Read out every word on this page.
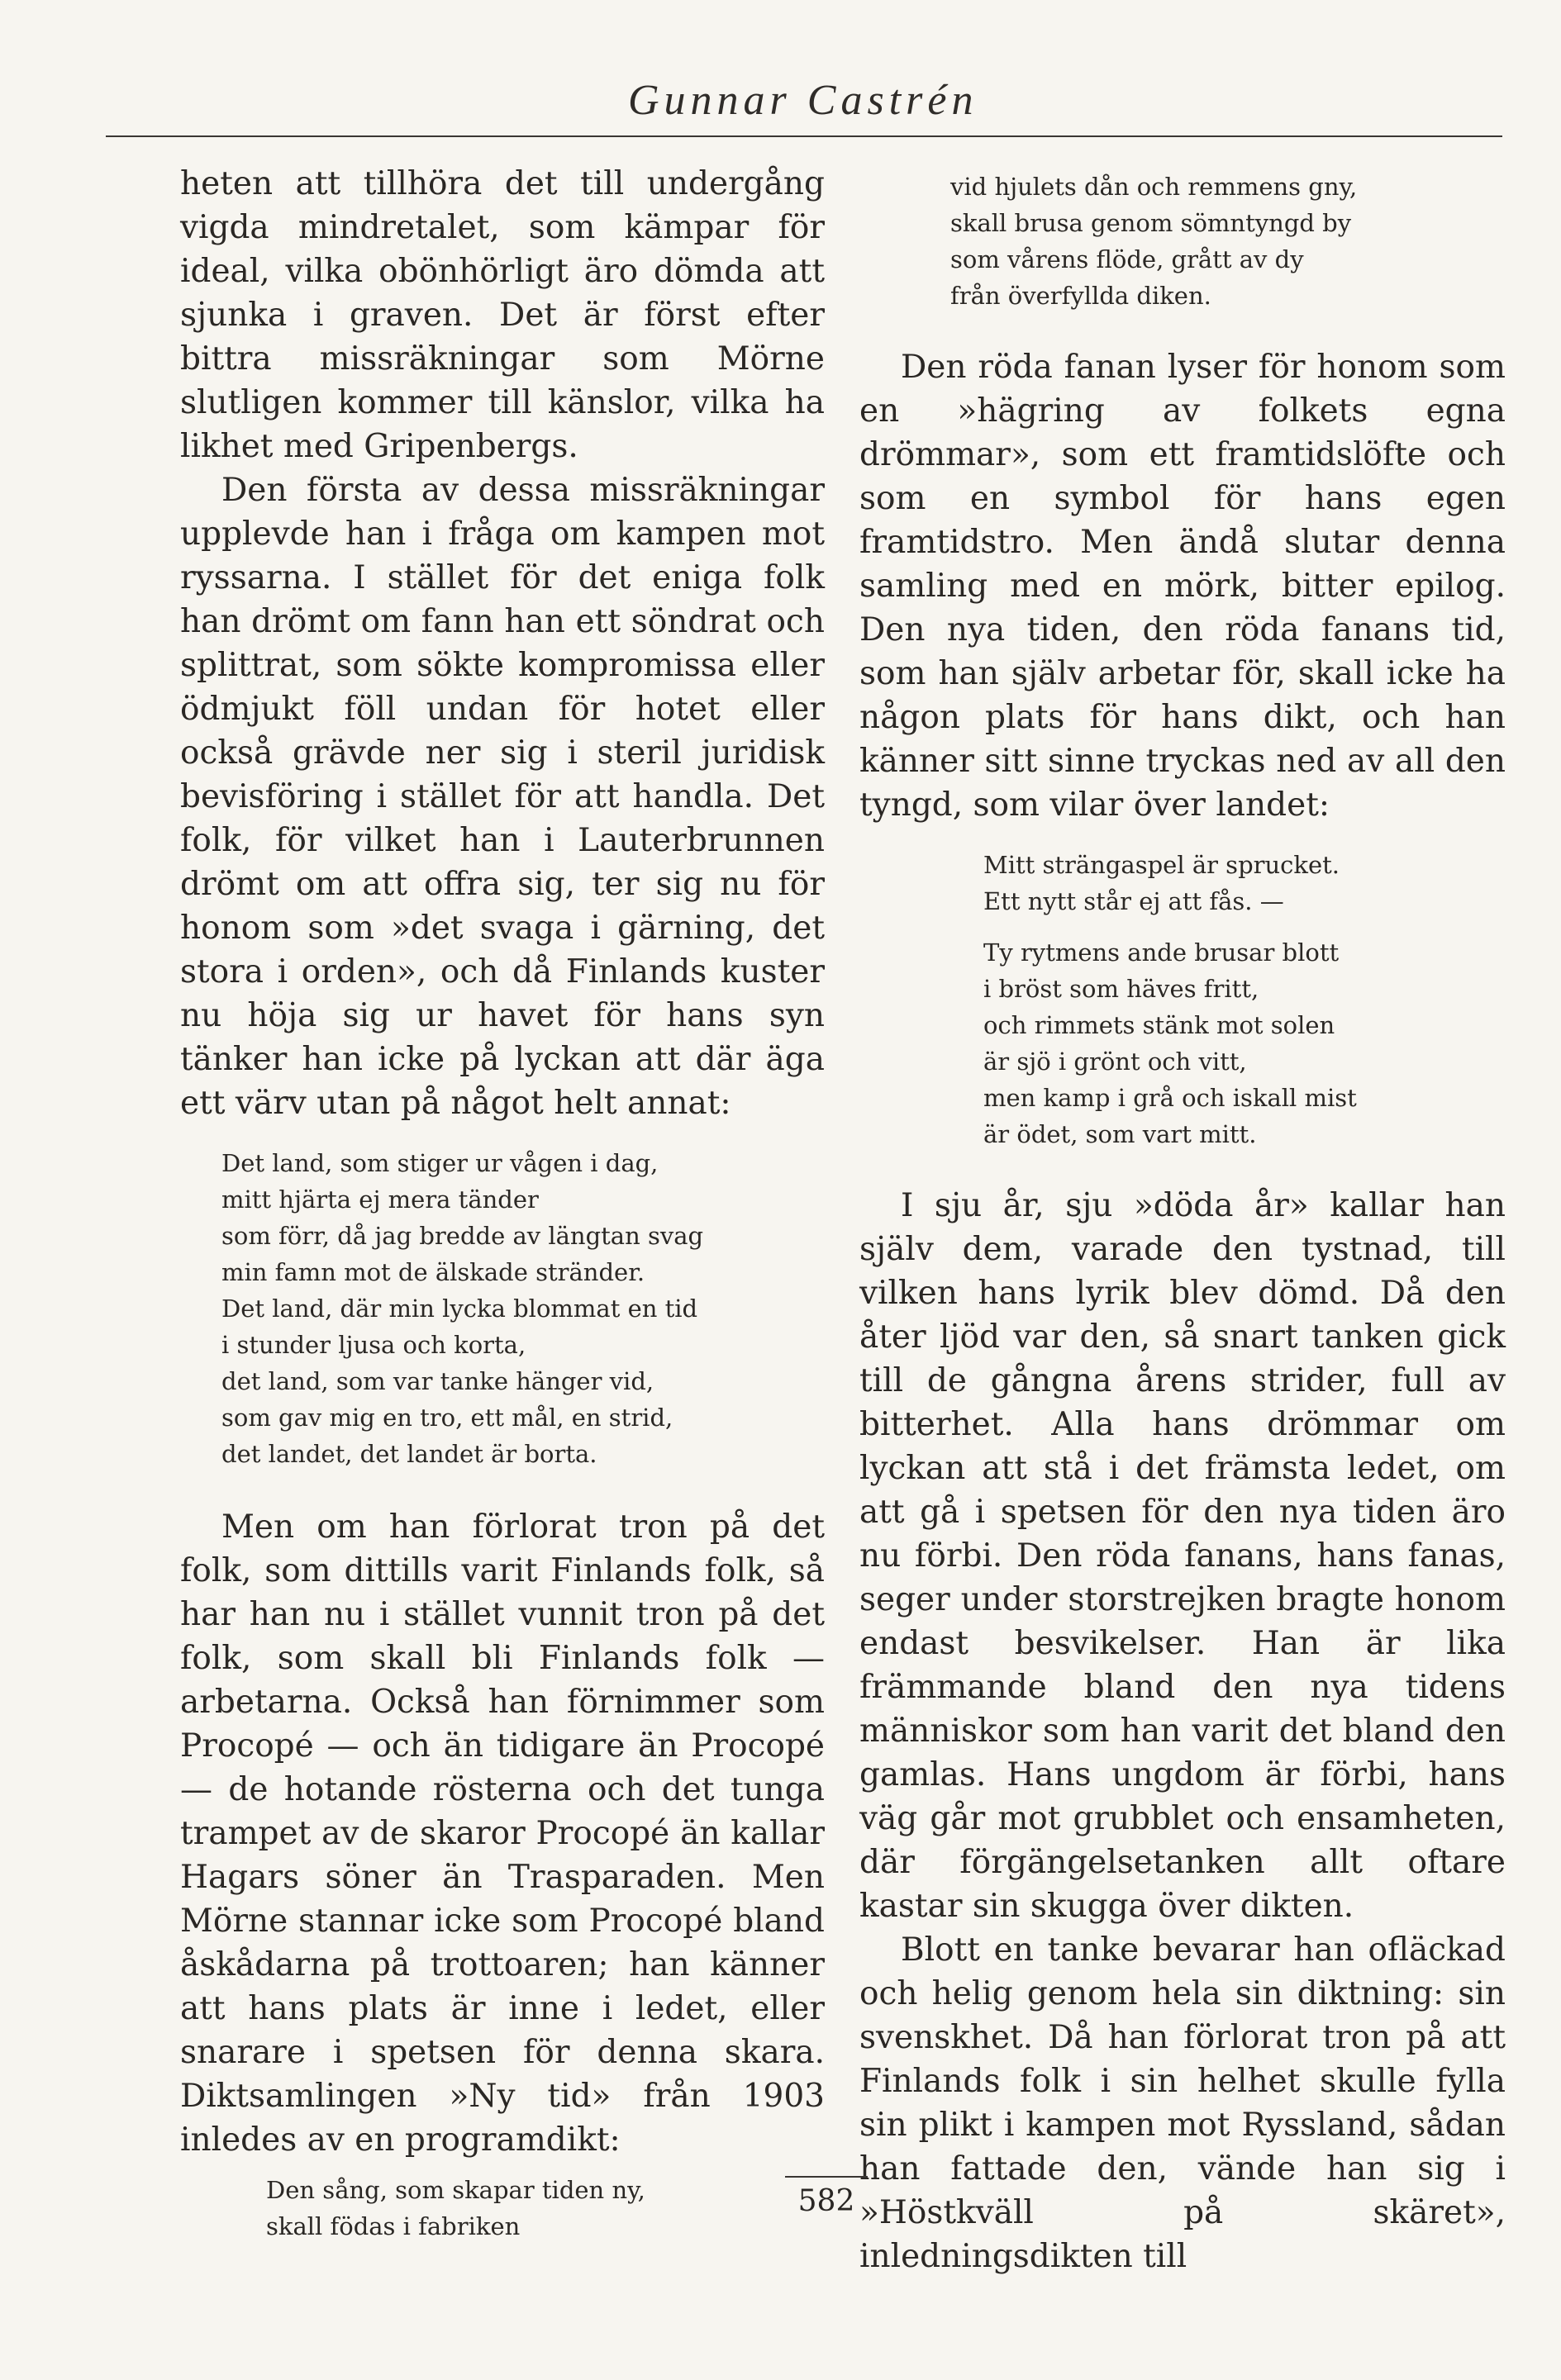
Gunnar Castrén

heten att tillhöra det till undergång vigda mindretalet, som kämpar för ideal, vilka obönhörligt äro dömda att sjunka i graven. Det är först efter bittra missräkningar som Mörne slutligen kommer till känslor, vilka ha likhet med Gripenbergs.

Den första av dessa missräkningar upplevde han i fråga om kampen mot ryssarna. I stället för det eniga folk han drömt om fann han ett söndrat och splittrat, som sökte kompromissa eller ödmjukt föll undan för hotet eller också grävde ner sig i steril juridisk bevisföring i stället för att handla. Det folk, för vilket han i Lauterbrunnen drömt om att offra sig, ter sig nu för honom som »det svaga i gärning, det stora i orden», och då Finlands kuster nu höja sig ur havet för hans syn tänker han icke på lyckan att där äga ett värv utan på något helt annat:

Det land, som stiger ur vågen i dag,
mitt hjärta ej mera tänder
som förr, då jag bredde av längtan svag
min famn mot de älskade stränder.
Det land, där min lycka blommat en tid
i stunder ljusa och korta,
det land, som var tanke hänger vid,
som gav mig en tro, ett mål, en strid,
det landet, det landet är borta.

Men om han förlorat tron på det folk, som dittills varit Finlands folk, så har han nu i stället vunnit tron på det folk, som skall bli Finlands folk — arbetarna. Också han förnimmer som Procopé — och än tidigare än Procopé — de hotande rösterna och det tunga trampet av de skaror Procopé än kallar Hagars söner än Trasparaden. Men Mörne stannar icke som Procopé bland åskådarna på trottoaren; han känner att hans plats är inne i ledet, eller snarare i spetsen för denna skara. Diktsamlingen »Ny tid» från 1903 inledes av en programdikt:

Den sång, som skapar tiden ny,
skall födas i fabriken
vid hjulets dån och remmens gny,
skall brusa genom sömntyngd by
som vårens flöde, grått av dy
från överfyllda diken.

Den röda fanan lyser för honom som en »hägring av folkets egna drömmar», som ett framtidslöfte och som en symbol för hans egen framtidstro. Men ändå slutar denna samling med en mörk, bitter epilog. Den nya tiden, den röda fanans tid, som han själv arbetar för, skall icke ha någon plats för hans dikt, och han känner sitt sinne tryckas ned av all den tyngd, som vilar över landet:

Mitt strängaspel är sprucket.
Ett nytt står ej att fås. —
Ty rytmens ande brusar blott
i bröst som häves fritt,
och rimmets stänk mot solen
är sjö i grönt och vitt,
men kamp i grå och iskall mist
är ödet, som vart mitt.

I sju år, sju »döda år» kallar han själv dem, varade den tystnad, till vilken hans lyrik blev dömd. Då den åter ljöd var den, så snart tanken gick till de gångna årens strider, full av bitterhet. Alla hans drömmar om lyckan att stå i det främsta ledet, om att gå i spetsen för den nya tiden äro nu förbi. Den röda fanans, hans fanas, seger under storstrejken bragte honom endast besvikelser. Han är lika främmande bland den nya tidens människor som han varit det bland den gamlas. Hans ungdom är förbi, hans väg går mot grubblet och ensamheten, där förgängelsetanken allt oftare kastar sin skugga över dikten.

Blott en tanke bevarar han ofläckad och helig genom hela sin diktning: sin svenskhet. Då han förlorat tron på att Finlands folk i sin helhet skulle fylla sin plikt i kampen mot Ryssland, sådan han fattade den, vände han sig i »Höstkväll på skäret», inledningsdikten till

582
